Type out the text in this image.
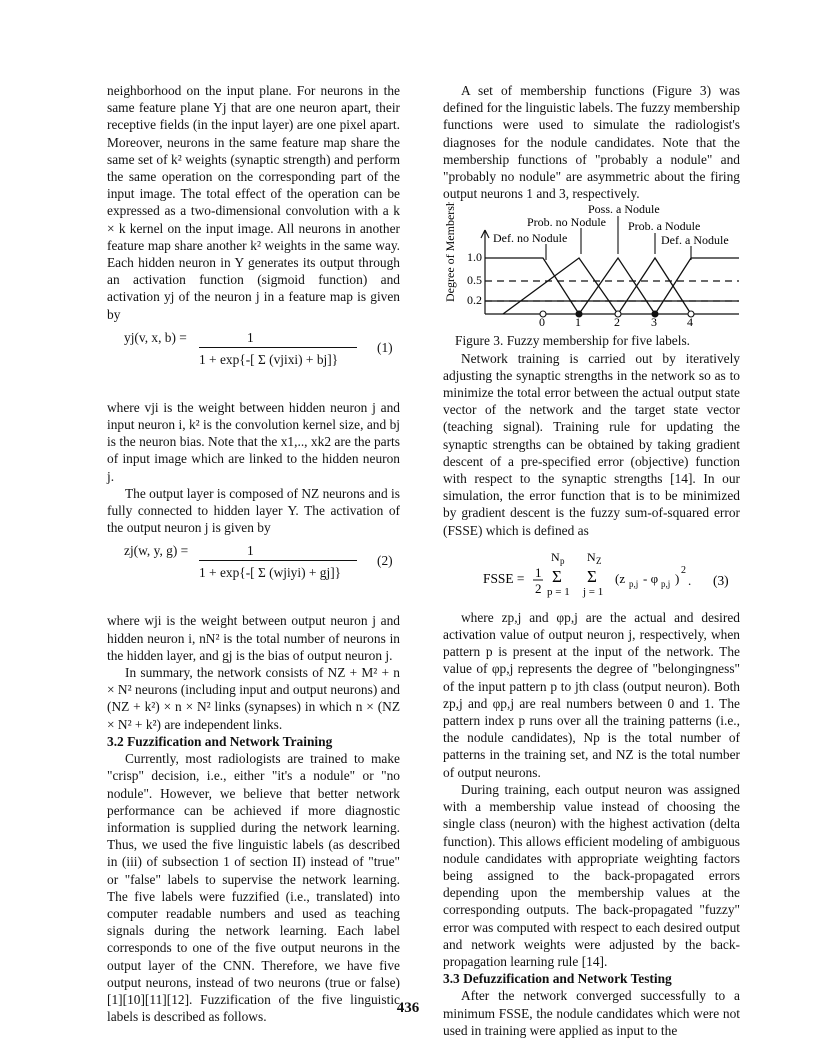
neighborhood on the input plane. For neurons in the same feature plane Yj that are one neuron apart, their receptive fields (in the input layer) are one pixel apart. Moreover, neurons in the same feature map share the same set of k² weights (synaptic strength) and perform the same operation on the corresponding part of the input image. The total effect of the operation can be expressed as a two-dimensional convolution with a k × k kernel on the input image. All neurons in another feature map share another k² weights in the same way. Each hidden neuron in Y generates its output through an activation function (sigmoid function) and activation yj of the neuron j in a feature map is given by

yj(v, x, b) =	1
1 + exp{-[ Σ (vjixi) + bj]}
(1)

where vji is the weight between hidden neuron j and input neuron i, k² is the convolution kernel size, and bj is the neuron bias. Note that the x1,.., xk2 are the parts of input image which are linked to the hidden neuron j.

The output layer is composed of NZ neurons and is fully connected to hidden layer Y. The activation of the output neuron j is given by

zj(w, y, g) =	1
1 + exp{-[ Σ (wjiyi) + gj]}
(2)

where wji is the weight between output neuron j and hidden neuron i, nN² is the total number of neurons in the hidden layer, and gj is the bias of output neuron j.

In summary, the network consists of NZ + M² + n × N² neurons (including input and output neurons) and (NZ + k²) × n × N² links (synapses) in which n × (NZ × N² + k²) are independent links.

3.2 Fuzzification and Network Training

Currently, most radiologists are trained to make "crisp" decision, i.e., either "it's a nodule" or "no nodule". However, we believe that better network performance can be achieved if more diagnostic information is supplied during the network learning. Thus, we used the five linguistic labels (as described in (iii) of subsection 1 of section II) instead of "true" or "false" labels to supervise the network learning. The five labels were fuzzified (i.e., translated) into computer readable numbers and used as teaching signals during the network learning. Each label corresponds to one of the five output neurons in the output layer of the CNN. Therefore, we have five output neurons, instead of two neurons (true or false) [1][10][11][12]. Fuzzification of the five linguistic labels is described as follows.

A set of membership functions (Figure 3) was defined for the linguistic labels. The fuzzy membership functions were used to simulate the radiologist's diagnoses for the nodule candidates. Note that the membership functions of "probably a nodule" and "probably no nodule" are asymmetric about the firing output neurons 1 and 3, respectively.

1.0
0.5
0.2
0	1	2	3	4
Degree of Membership	Poss. a Nodule
Prob. no Nodule Prob. a Nodule
Def. no Nodule	Def. a Nodule

Figure 3. Fuzzy membership for five labels.

Network training is carried out by iteratively adjusting the synaptic strengths in the network so as to minimize the total error between the actual output state vector of the network and the target state vector (teaching signal). Training rule for updating the synaptic strengths can be obtained by taking gradient descent of a pre-specified error (objective) function with respect to the synaptic strengths [14]. In our simulation, the error function that is to be minimized by gradient descent is the fuzzy sum-of-squared error (FSSE) which is defined as

FSSE = 1
2
N p
Σ
p = 1
N Z
Σ
j = 1
(z p,j - φ p,j )
2
. (3)

where zp,j and φp,j are the actual and desired activation value of output neuron j, respectively, when pattern p is present at the input of the network. The value of φp,j represents the degree of "belongingness" of the input pattern p to jth class (output neuron). Both zp,j and φp,j are real numbers between 0 and 1. The pattern index p runs over all the training patterns (i.e., the nodule candidates), Np is the total number of patterns in the training set, and NZ is the total number of output neurons.

During training, each output neuron was assigned with a membership value instead of choosing the single class (neuron) with the highest activation (delta function). This allows efficient modeling of ambiguous nodule candidates with appropriate weighting factors being assigned to the back-propagated errors depending upon the membership values at the corresponding outputs. The back-propagated "fuzzy" error was computed with respect to each desired output and network weights were adjusted by the back-propagation learning rule [14].

3.3 Defuzzification and Network Testing

After the network converged successfully to a minimum FSSE, the nodule candidates which were not used in training were applied as input to the

436
